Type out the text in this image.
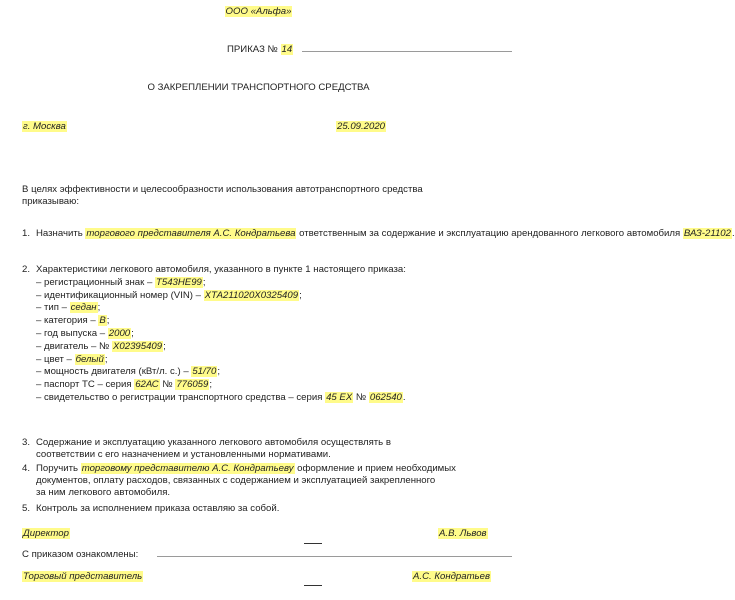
ООО «Альфа»
ПРИКАЗ № 14
О ЗАКРЕПЛЕНИИ ТРАНСПОРТНОГО СРЕДСТВА
г. Москва	25.09.2020
В целях эффективности и целесообразности использования автотранспортного средства приказываю:
1. Назначить торгового представителя А.С. Кондратьева ответственным за содержание и эксплуатацию арендованного легкового автомобиля ВАЗ-21102.
2. Характеристики легкового автомобиля, указанного в пункте 1 настоящего приказа:
– регистрационный знак – Т543НЕ99;
– идентификационный номер (VIN) – ХТА211020Х0325409;
– тип – седан;
– категория – В;
– год выпуска – 2000;
– двигатель – № Х02395409;
– цвет – белый;
– мощность двигателя (кВт/л. с.) – 51/70;
– паспорт ТС – серия 62АС № 776059;
– свидетельство о регистрации транспортного средства – серия 45 ЕХ № 062540.
3. Содержание и эксплуатацию указанного легкового автомобиля осуществлять в
соответствии с его назначением и установленными нормативами.
4. Поручить торговому представителю А.С. Кондратьеву оформление и прием необходимых
документов, оплату расходов, связанных с содержанием и эксплуатацией закрепленного
за ним легкового автомобиля.
5. Контроль за исполнением приказа оставляю за собой.
Директор	А.В. Львов
С приказом ознакомлены:
Торговый представитель	А.С. Кондратьев
